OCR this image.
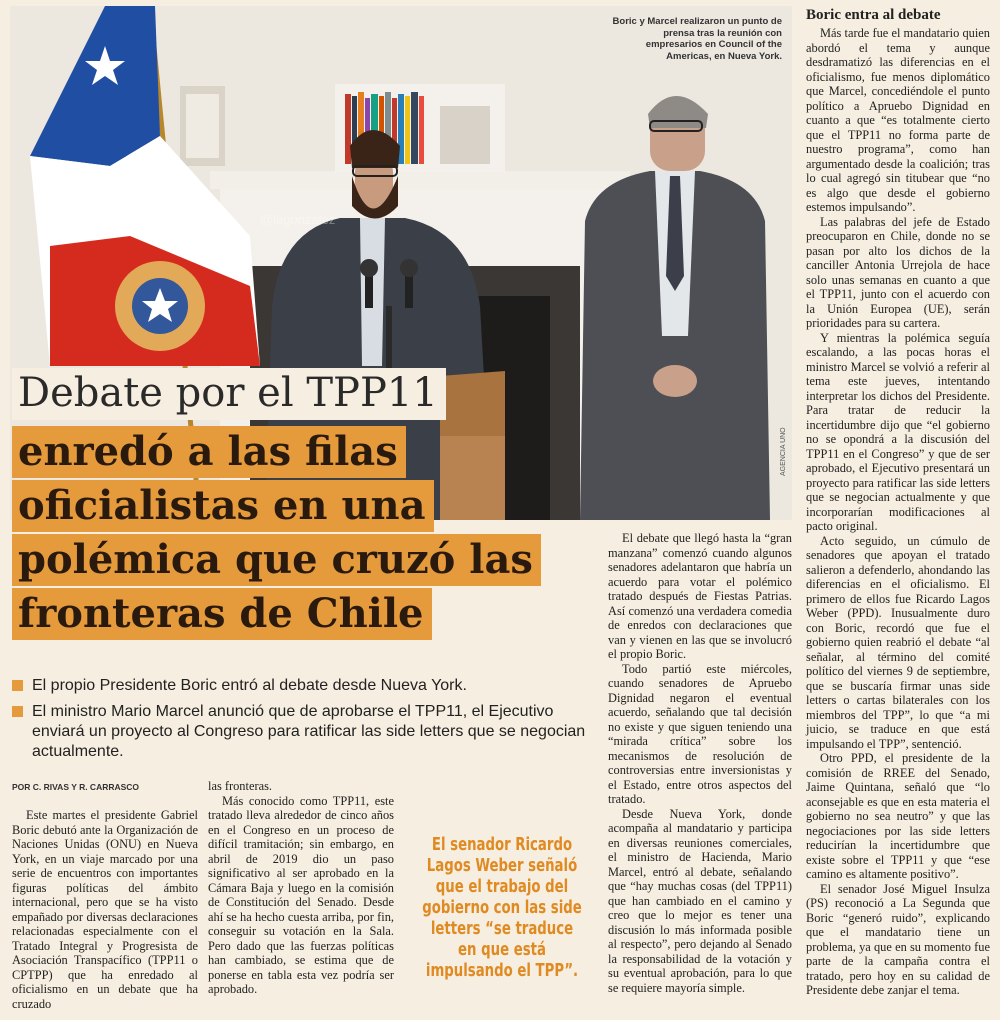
@lagonzalez
Boric y Marcel realizaron un punto de prensa tras la reunión con empresarios en Council of the Americas, en Nueva York.
Debate por el TPP11
enredó a las filas
oficialistas en una
polémica que cruzó las
fronteras de Chile
El propio Presidente Boric entró al debate desde Nueva York.
El ministro Mario Marcel anunció que de aprobarse el TPP11, el Ejecutivo enviará un proyecto al Congreso para ratificar las side letters que se negocian actualmente.
POR C. RIVAS Y R. CARRASCO

Este martes el presidente Gabriel Boric debutó ante la Organización de Naciones Unidas (ONU) en Nueva York, en un viaje marcado por una serie de encuentros con importantes figuras políticas del ámbito internacional, pero que se ha visto empañado por diversas declaraciones relacionadas especialmente con el Tratado Integral y Progresista de Asociación Transpacífico (TPP11 o CPTPP) que ha enredado al oficialismo en un debate que ha cruzado

las fronteras.

Más conocido como TPP11, este tratado lleva alrededor de cinco años en el Congreso en un proceso de difícil tramitación; sin embargo, en abril de 2019 dio un paso significativo al ser aprobado en la Cámara Baja y luego en la comisión de Constitución del Senado. Desde ahí se ha hecho cuesta arriba, por fin, conseguir su votación en la Sala. Pero dado que las fuerzas políticas han cambiado, se estima que de ponerse en tabla esta vez podría ser aprobado.

El senador Ricardo Lagos Weber señaló que el trabajo del gobierno con las side letters “se traduce en que está impulsando el TPP”.

El debate que llegó hasta la “gran manzana” comenzó cuando algunos senadores adelantaron que habría un acuerdo para votar el polémico tratado después de Fiestas Patrias. Así comenzó una verdadera comedia de enredos con declaraciones que van y vienen en las que se involucró el propio Boric.

Todo partió este miércoles, cuando senadores de Apruebo Dignidad negaron el eventual acuerdo, señalando que tal decisión no existe y que siguen teniendo una “mirada crítica” sobre los mecanismos de resolución de controversias entre inversionistas y el Estado, entre otros aspectos del tratado.

Desde Nueva York, donde acompaña al mandatario y participa en diversas reuniones comerciales, el ministro de Hacienda, Mario Marcel, entró al debate, señalando que “hay muchas cosas (del TPP11) que han cambiado en el camino y creo que lo mejor es tener una discusión lo más informada posible al respecto”, pero dejando al Senado la responsabilidad de la votación y su eventual aprobación, para lo que se requiere mayoría simple.

Boric entra al debate

Más tarde fue el mandatario quien abordó el tema y aunque desdramatizó las diferencias en el oficialismo, fue menos diplomático que Marcel, concediéndole el punto político a Apruebo Dignidad en cuanto a que “es totalmente cierto que el TPP11 no forma parte de nuestro programa”, como han argumentado desde la coalición; tras lo cual agregó sin titubear que “no es algo que desde el gobierno estemos impulsando”.

Las palabras del jefe de Estado preocuparon en Chile, donde no se pasan por alto los dichos de la canciller Antonia Urrejola de hace solo unas semanas en cuanto a que el TPP11, junto con el acuerdo con la Unión Europea (UE), serán prioridades para su cartera.

Y mientras la polémica seguía escalando, a las pocas horas el ministro Marcel se volvió a referir al tema este jueves, intentando interpretar los dichos del Presidente. Para tratar de reducir la incertidumbre dijo que “el gobierno no se opondrá a la discusión del TPP11 en el Congreso” y que de ser aprobado, el Ejecutivo presentará un proyecto para ratificar las side letters que se negocian actualmente y que incorporarían modificaciones al pacto original.

Acto seguido, un cúmulo de senadores que apoyan el tratado salieron a defenderlo, ahondando las diferencias en el oficialismo. El primero de ellos fue Ricardo Lagos Weber (PPD). Inusualmente duro con Boric, recordó que fue el gobierno quien reabrió el debate “al señalar, al término del comité político del viernes 9 de septiembre, que se buscaría firmar unas side letters o cartas bilaterales con los miembros del TPP”, lo que “a mi juicio, se traduce en que está impulsando el TPP”, sentenció.

Otro PPD, el presidente de la comisión de RREE del Senado, Jaime Quintana, señaló que “lo aconsejable es que en esta materia el gobierno no sea neutro” y que las negociaciones por las side letters reducirían la incertidumbre que existe sobre el TPP11 y que “ese camino es altamente positivo”.

El senador José Miguel Insulza (PS) reconoció a La Segunda que Boric “generó ruido”, explicando que el mandatario tiene un problema, ya que en su momento fue parte de la campaña contra el tratado, pero hoy en su calidad de Presidente debe zanjar el tema.
